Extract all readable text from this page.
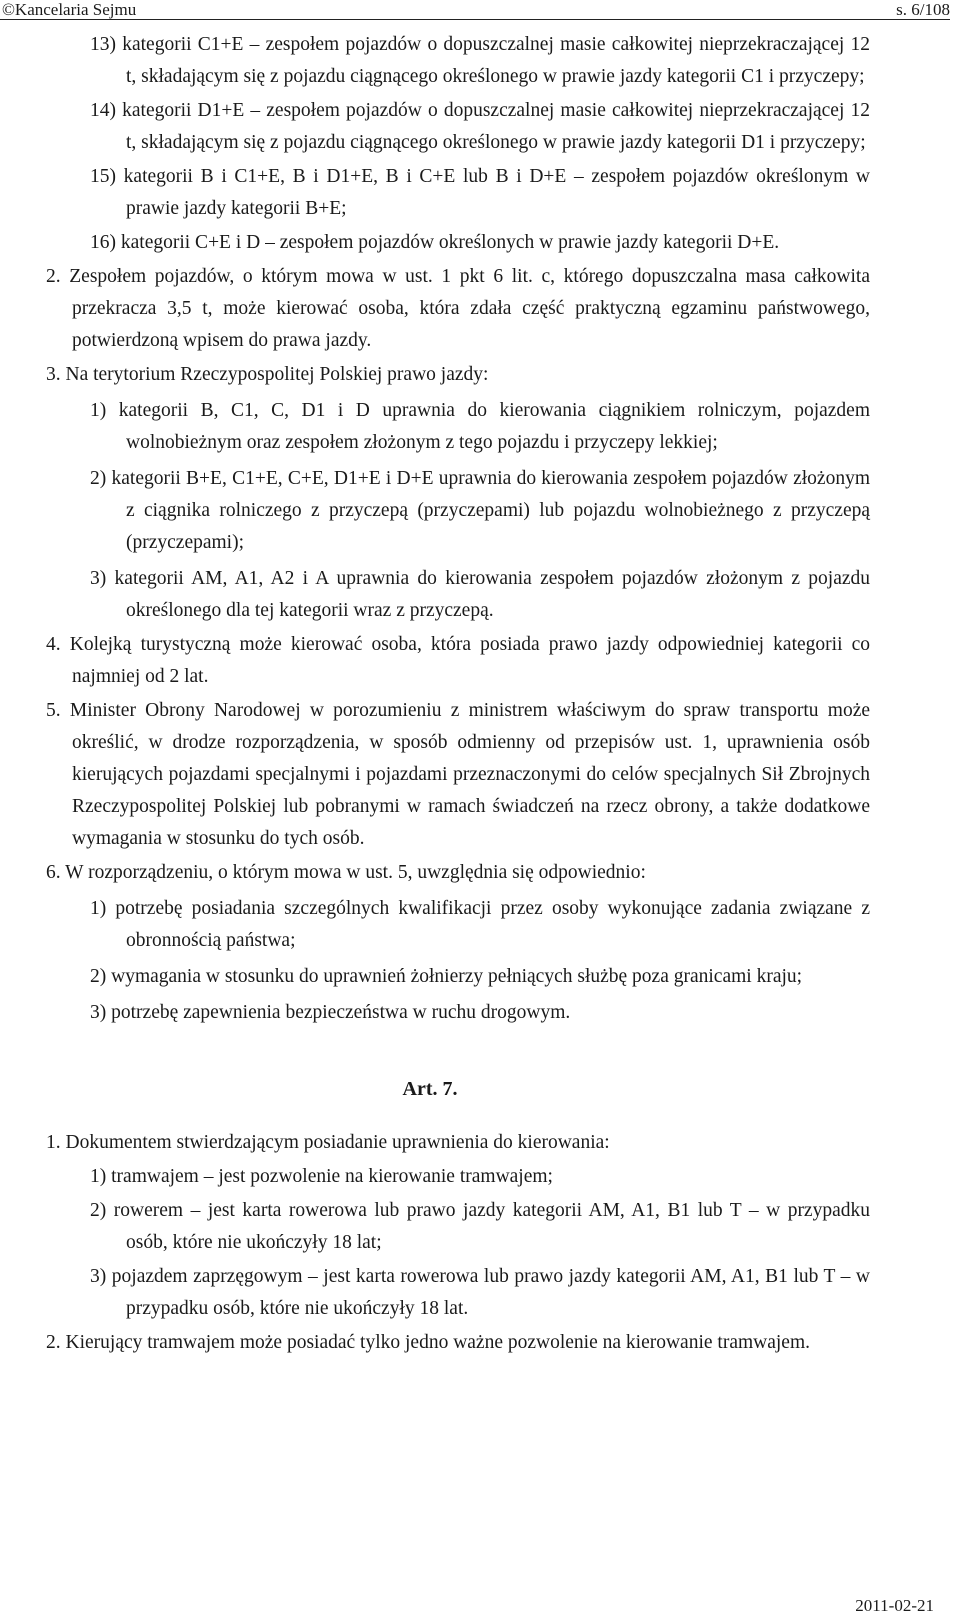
©Kancelaria Sejmu	s. 6/108
13) kategorii C1+E – zespołem pojazdów o dopuszczalnej masie całkowitej nieprzekraczającej 12 t, składającym się z pojazdu ciągnącego określonego w prawie jazdy kategorii C1 i przyczepy;
14) kategorii D1+E – zespołem pojazdów o dopuszczalnej masie całkowitej nieprzekraczającej 12 t, składającym się z pojazdu ciągnącego określonego w prawie jazdy kategorii D1 i przyczepy;
15) kategorii B i C1+E, B i D1+E, B i C+E lub B i D+E – zespołem pojazdów określonym w prawie jazdy kategorii B+E;
16) kategorii C+E i D – zespołem pojazdów określonych w prawie jazdy kategorii D+E.
2. Zespołem pojazdów, o którym mowa w ust. 1 pkt 6 lit. c, którego dopuszczalna masa całkowita przekracza 3,5 t, może kierować osoba, która zdała część praktyczną egzaminu państwowego, potwierdzoną wpisem do prawa jazdy.
3. Na terytorium Rzeczypospolitej Polskiej prawo jazdy:
1) kategorii B, C1, C, D1 i D uprawnia do kierowania ciągnikiem rolniczym, pojazdem wolnobieżnym oraz zespołem złożonym z tego pojazdu i przyczepy lekkiej;
2) kategorii B+E, C1+E, C+E, D1+E i D+E uprawnia do kierowania zespołem pojazdów złożonym z ciągnika rolniczego z przyczepą (przyczepami) lub pojazdu wolnobieżnego z przyczepą (przyczepami);
3) kategorii AM, A1, A2 i A uprawnia do kierowania zespołem pojazdów złożonym z pojazdu określonego dla tej kategorii wraz z przyczepą.
4. Kolejką turystyczną może kierować osoba, która posiada prawo jazdy odpowiedniej kategorii co najmniej od 2 lat.
5. Minister Obrony Narodowej w porozumieniu z ministrem właściwym do spraw transportu może określić, w drodze rozporządzenia, w sposób odmienny od przepisów ust. 1, uprawnienia osób kierujących pojazdami specjalnymi i pojazdami przeznaczonymi do celów specjalnych Sił Zbrojnych Rzeczypospolitej Polskiej lub pobranymi w ramach świadczeń na rzecz obrony, a także dodatkowe wymagania w stosunku do tych osób.
6. W rozporządzeniu, o którym mowa w ust. 5, uwzględnia się odpowiednio:
1) potrzebę posiadania szczególnych kwalifikacji przez osoby wykonujące zadania związane z obronnością państwa;
2) wymagania w stosunku do uprawnień żołnierzy pełniących służbę poza granicami kraju;
3) potrzebę zapewnienia bezpieczeństwa w ruchu drogowym.
Art. 7.
1. Dokumentem stwierdzającym posiadanie uprawnienia do kierowania:
1) tramwajem – jest pozwolenie na kierowanie tramwajem;
2) rowerem – jest karta rowerowa lub prawo jazdy kategorii AM, A1, B1 lub T – w przypadku osób, które nie ukończyły 18 lat;
3) pojazdem zaprzęgowym – jest karta rowerowa lub prawo jazdy kategorii AM, A1, B1 lub T – w przypadku osób, które nie ukończyły 18 lat.
2. Kierujący tramwajem może posiadać tylko jedno ważne pozwolenie na kierowanie tramwajem.
2011-02-21
